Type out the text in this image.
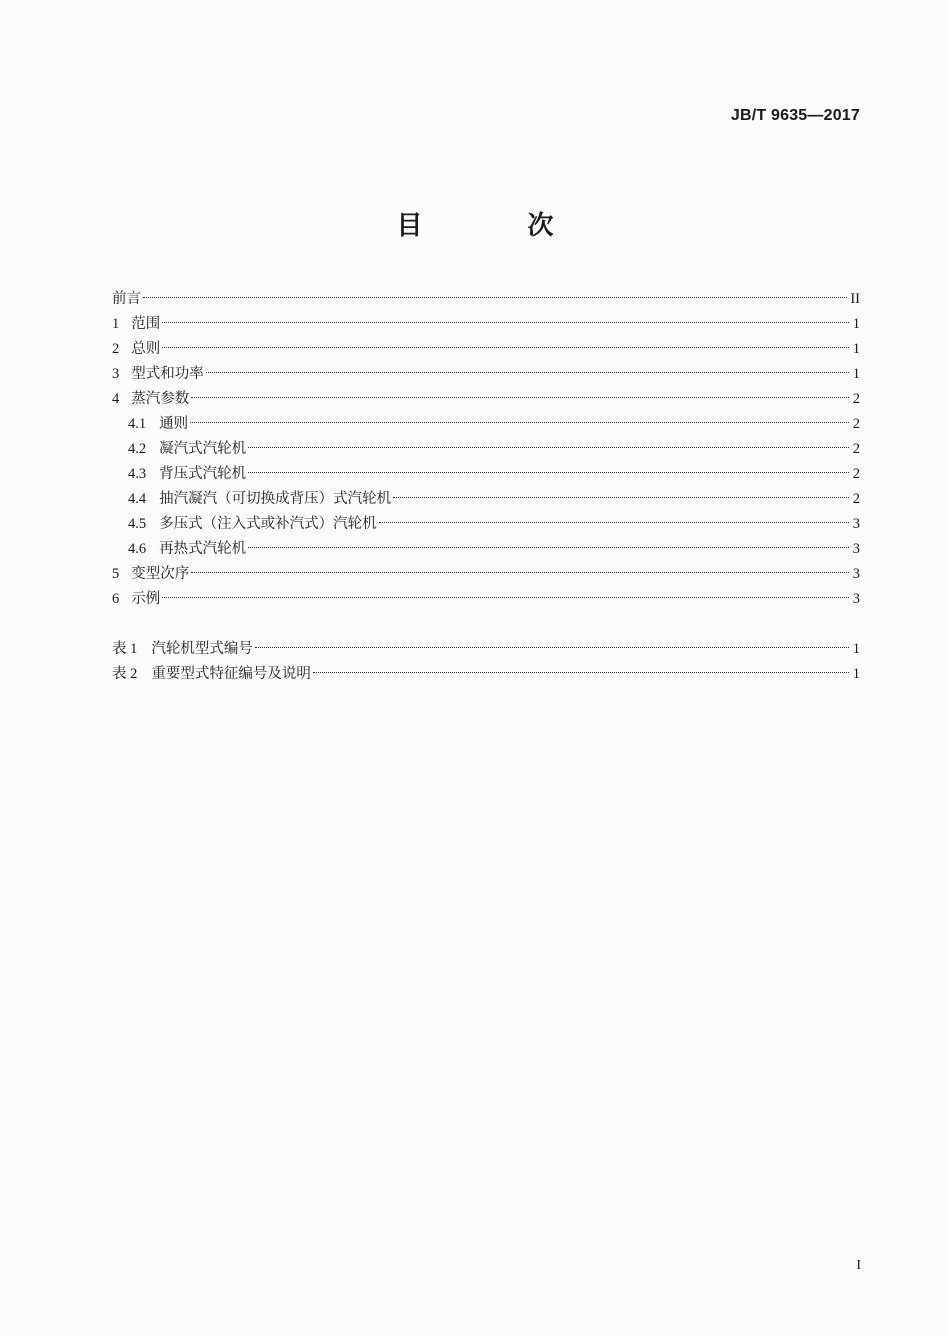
JB/T 9635—2017
目 次
前言	II
1 范围	1
2 总则	1
3 型式和功率	1
4 蒸汽参数	2
4.1 通则	2
4.2 凝汽式汽轮机	2
4.3 背压式汽轮机	2
4.4 抽汽凝汽（可切换成背压）式汽轮机	2
4.5 多压式（注入式或补汽式）汽轮机	3
4.6 再热式汽轮机	3
5 变型次序	3
6 示例	3
表 1 汽轮机型式编号	1
表 2 重要型式特征编号及说明	1
I
